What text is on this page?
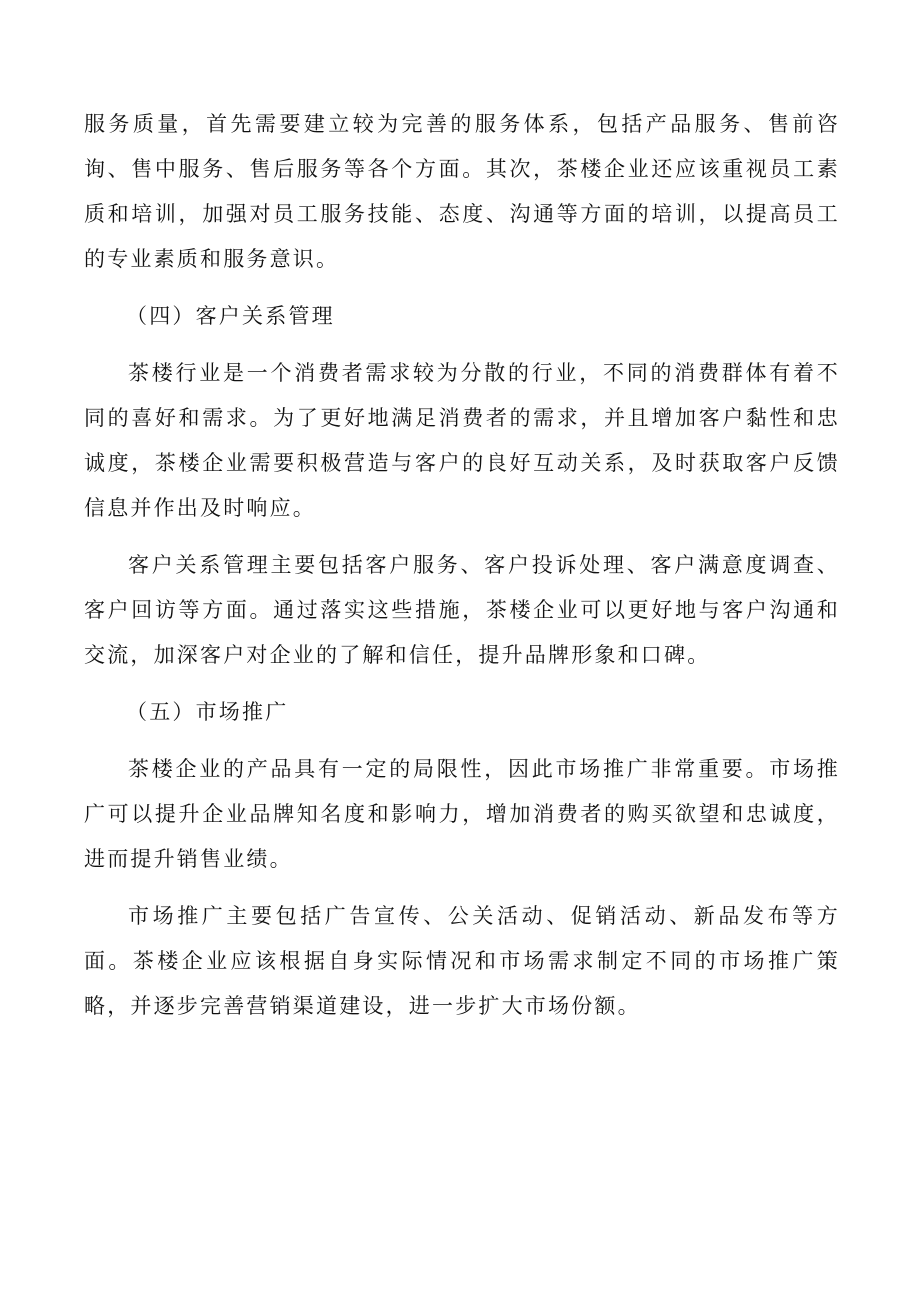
服务质量，首先需要建立较为完善的服务体系，包括产品服务、售前咨询、售中服务、售后服务等各个方面。其次，茶楼企业还应该重视员工素质和培训，加强对员工服务技能、态度、沟通等方面的培训，以提高员工的专业素质和服务意识。

（四）客户关系管理

茶楼行业是一个消费者需求较为分散的行业，不同的消费群体有着不同的喜好和需求。为了更好地满足消费者的需求，并且增加客户黏性和忠诚度，茶楼企业需要积极营造与客户的良好互动关系，及时获取客户反馈信息并作出及时响应。

客户关系管理主要包括客户服务、客户投诉处理、客户满意度调查、客户回访等方面。通过落实这些措施，茶楼企业可以更好地与客户沟通和交流，加深客户对企业的了解和信任，提升品牌形象和口碑。

（五）市场推广

茶楼企业的产品具有一定的局限性，因此市场推广非常重要。市场推广可以提升企业品牌知名度和影响力，增加消费者的购买欲望和忠诚度，进而提升销售业绩。

市场推广主要包括广告宣传、公关活动、促销活动、新品发布等方面。茶楼企业应该根据自身实际情况和市场需求制定不同的市场推广策略，并逐步完善营销渠道建设，进一步扩大市场份额。
